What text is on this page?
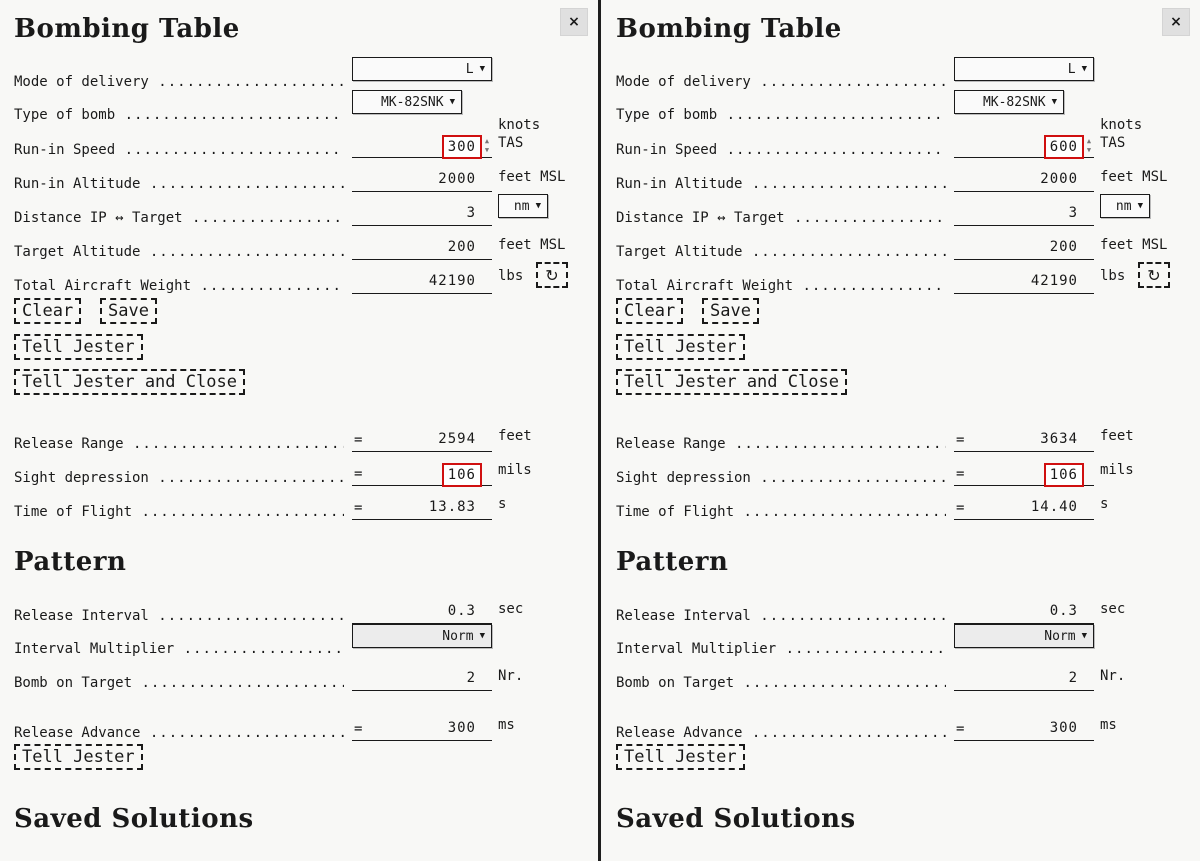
×
Bombing Table
Mode of delivery .....
L ▼
Type of bomb .....
MK-82SNK ▼
Run-in Speed .....	300	▲
▼
knots
TAS
Run-in Altitude .....	2000 feet MSL
Distance IP ↔ Target .....	3	nm ▼
Target Altitude .....	200 feet MSL
Total Aircraft Weight .....	42190 lbs ↻
Clear	Save
Tell Jester
Tell Jester and Close
Release Range .....	=	2594 feet
Sight depression .....	=	106	mils
Time of Flight .....	=	13.83 s
Pattern
Release Interval .....	0.3 sec
Interval Multiplier .....
Norm ▼
Bomb on Target .....	2 Nr.
Release Advance .....	=	300 ms
Tell Jester
Saved Solutions
×
Bombing Table
Mode of delivery .....
L ▼
Type of bomb .....
MK-82SNK ▼
Run-in Speed .....	600	▲
▼
knots
TAS
Run-in Altitude .....	2000 feet MSL
Distance IP ↔ Target .....	3	nm ▼
Target Altitude .....	200 feet MSL
Total Aircraft Weight .....	42190 lbs ↻
Clear	Save
Tell Jester
Tell Jester and Close
Release Range .....	=	3634 feet
Sight depression .....	=	106	mils
Time of Flight .....	=	14.40 s
Pattern
Release Interval .....	0.3 sec
Interval Multiplier .....
Norm ▼
Bomb on Target .....	2 Nr.
Release Advance .....	=	300 ms
Tell Jester
Saved Solutions
